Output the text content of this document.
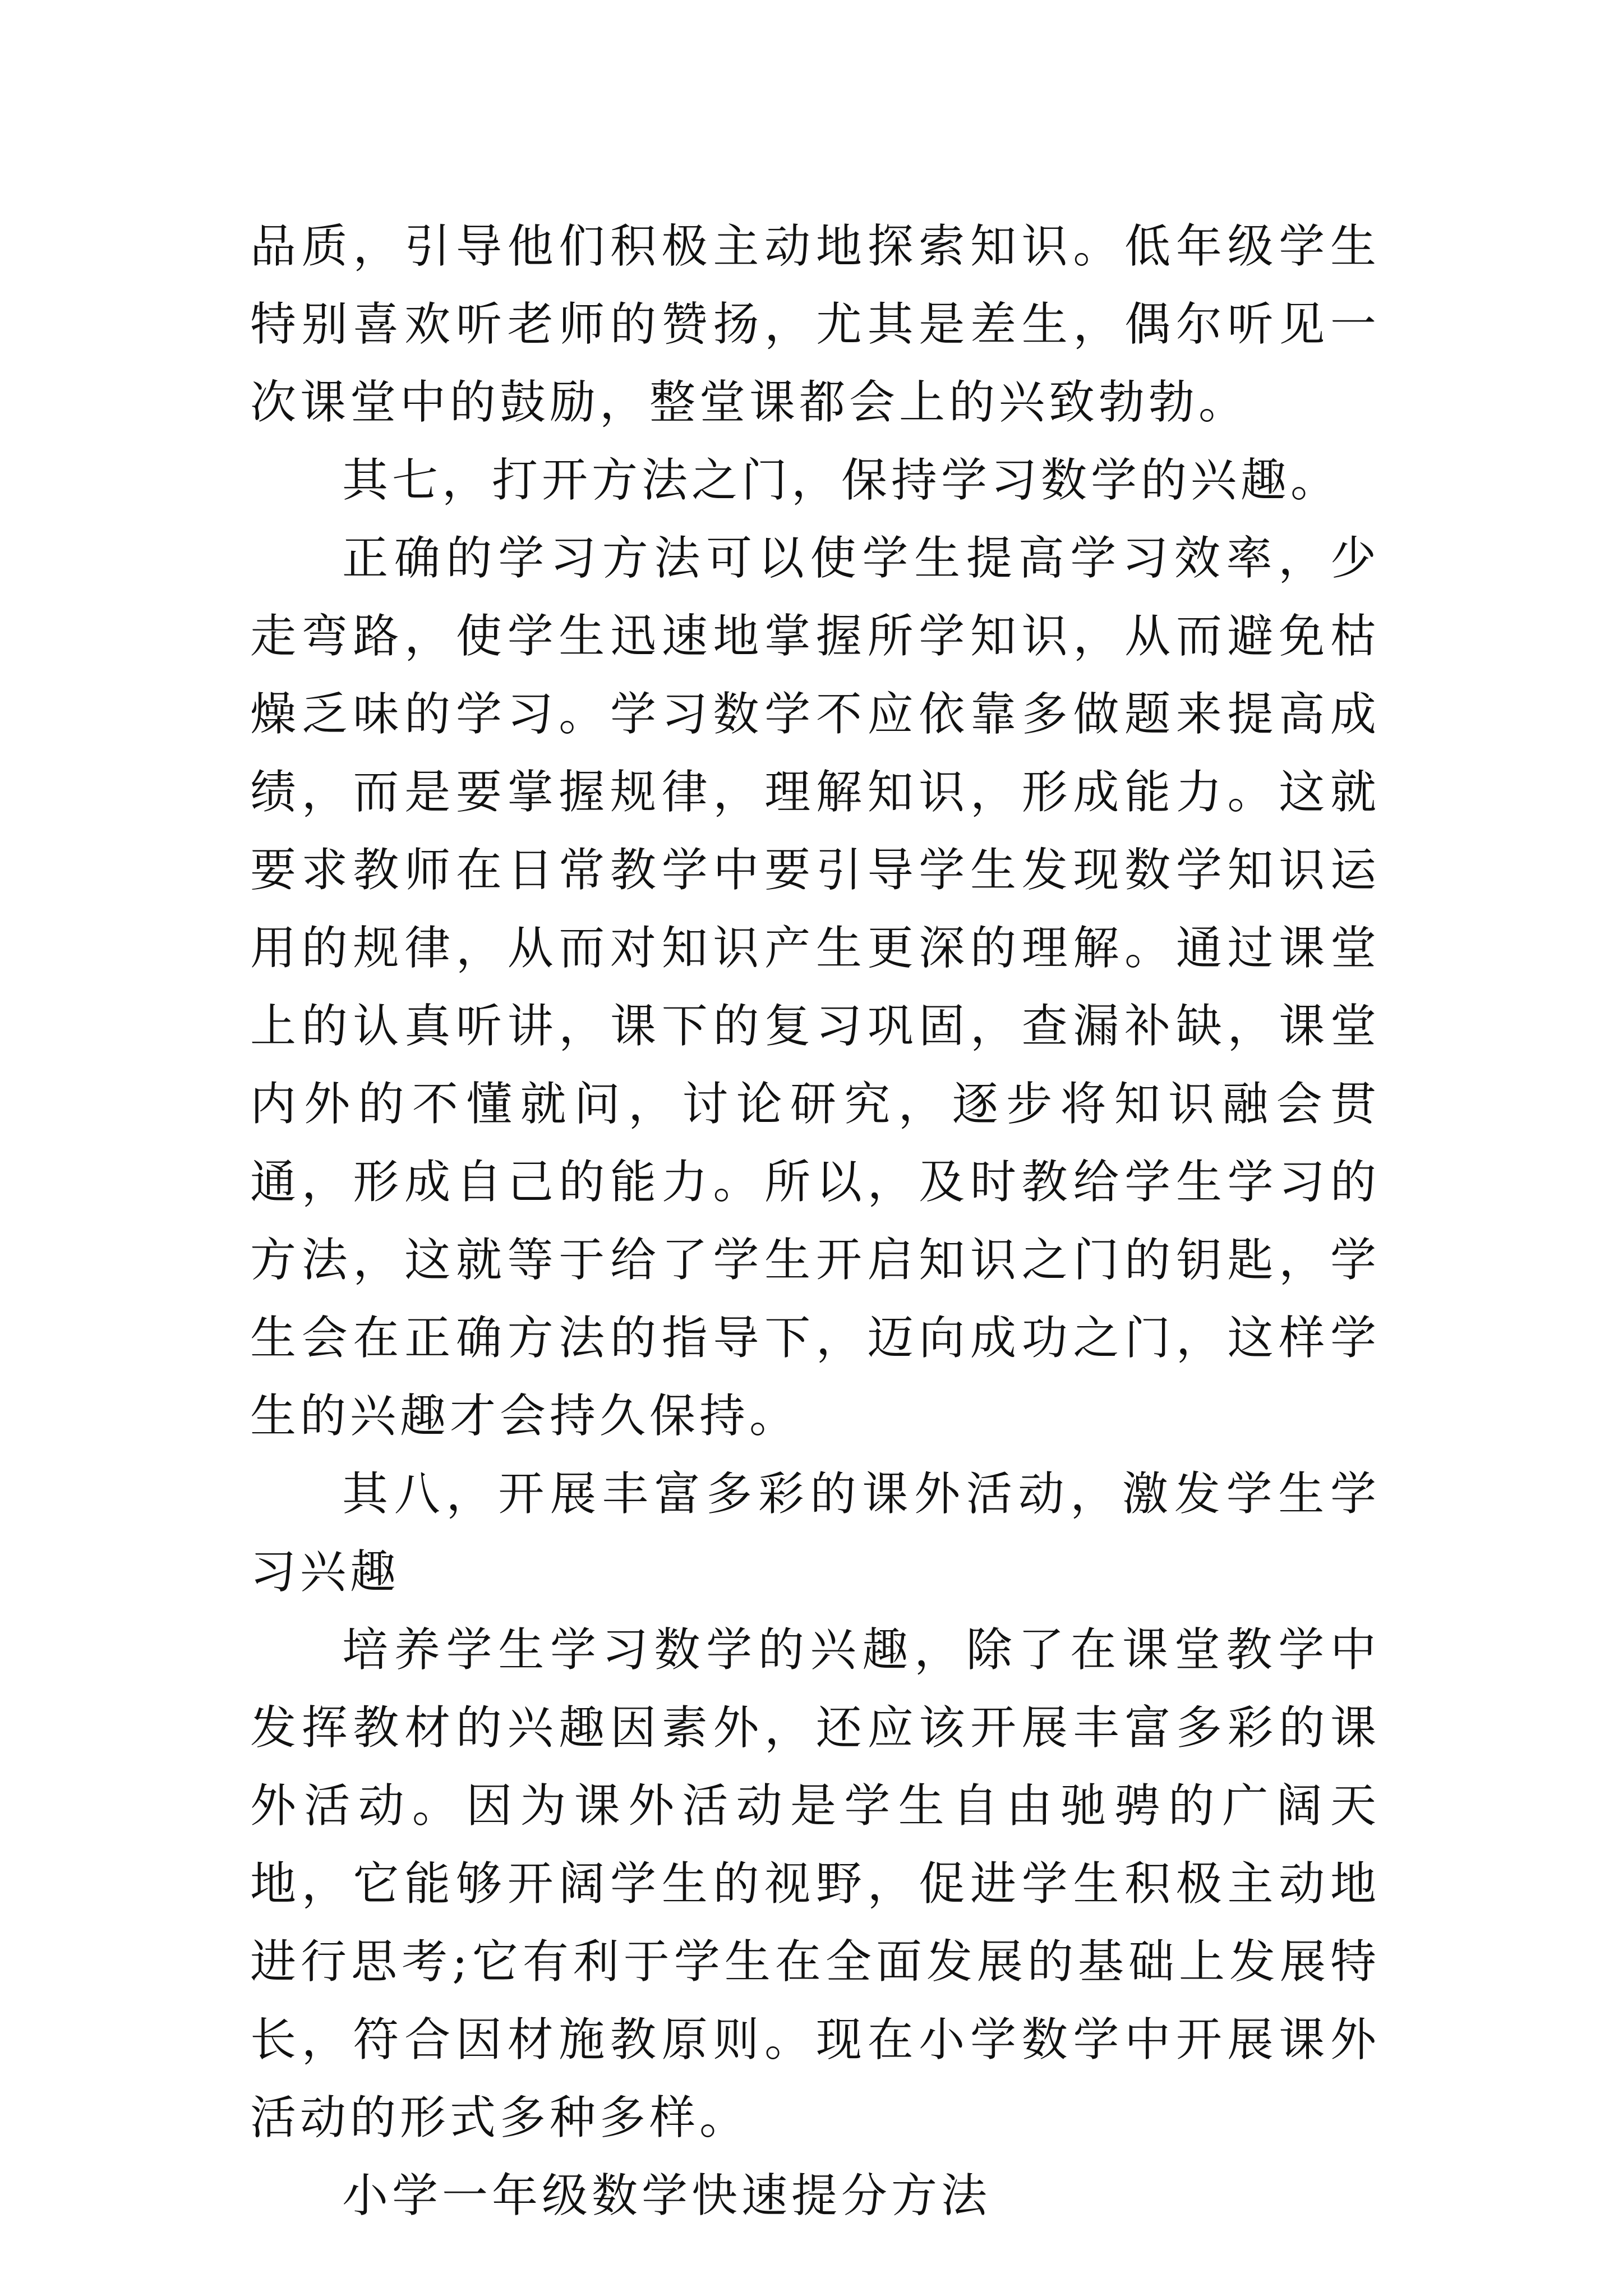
品质，引导他们积极主动地探索知识。低年级学生特别喜欢听老师的赞扬，尤其是差生，偶尔听见一次课堂中的鼓励，整堂课都会上的兴致勃勃。

其七，打开方法之门，保持学习数学的兴趣。

正确的学习方法可以使学生提高学习效率，少走弯路，使学生迅速地掌握所学知识，从而避免枯燥乏味的学习。学习数学不应依靠多做题来提高成绩，而是要掌握规律，理解知识，形成能力。这就要求教师在日常教学中要引导学生发现数学知识运用的规律，从而对知识产生更深的理解。通过课堂上的认真听讲，课下的复习巩固，查漏补缺，课堂内外的不懂就问，讨论研究，逐步将知识融会贯通，形成自己的能力。所以，及时教给学生学习的方法，这就等于给了学生开启知识之门的钥匙，学生会在正确方法的指导下，迈向成功之门，这样学生的兴趣才会持久保持。

其八，开展丰富多彩的课外活动，激发学生学习兴趣

培养学生学习数学的兴趣，除了在课堂教学中发挥教材的兴趣因素外，还应该开展丰富多彩的课外活动。因为课外活动是学生自由驰骋的广阔天地，它能够开阔学生的视野，促进学生积极主动地进行思考;它有利于学生在全面发展的基础上发展特长，符合因材施教原则。现在小学数学中开展课外活动的形式多种多样。

小学一年级数学快速提分方法
